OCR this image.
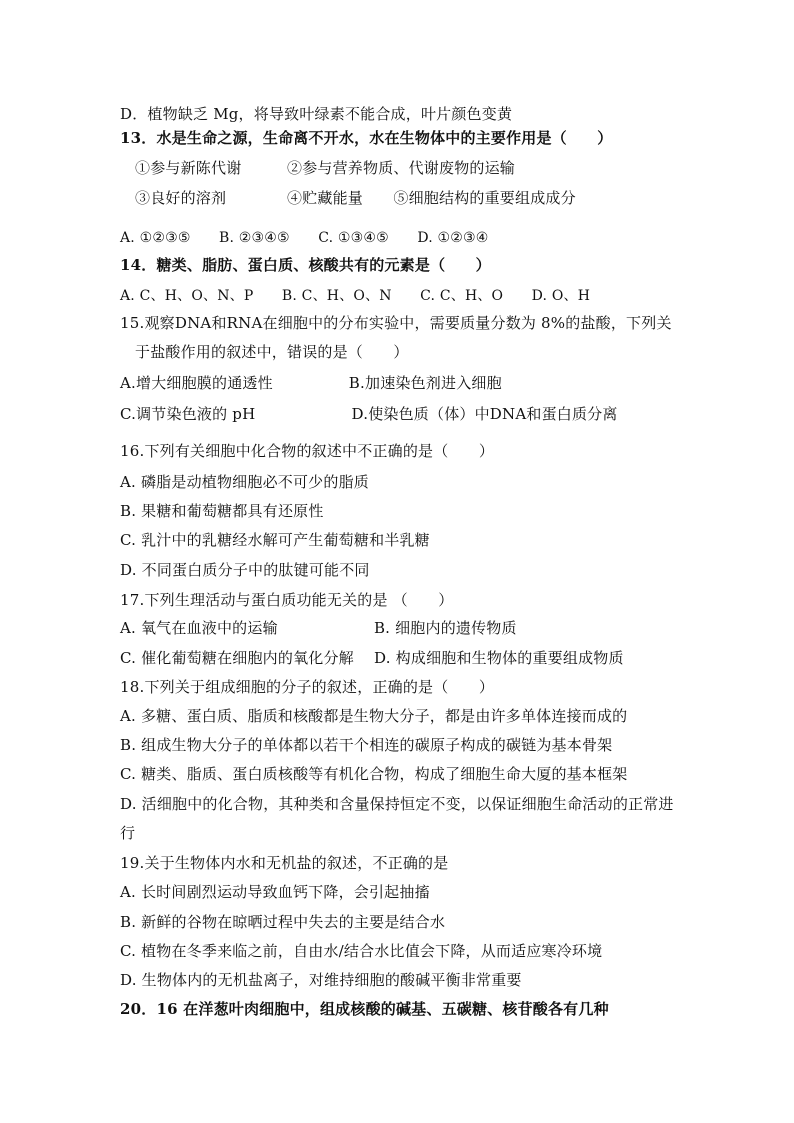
D．植物缺乏 Mg，将导致叶绿素不能合成，叶片颜色变黄
13．水是生命之源，生命离不开水，水在生物体中的主要作用是（　　）
①参与新陈代谢　　　②参与营养物质、代谢废物的运输
③良好的溶剂　　　　④贮藏能量　　⑤细胞结构的重要组成成分
A. ①②③⑤　　B. ②③④⑤　　C. ①③④⑤　　D. ①②③④
14．糖类、脂肪、蛋白质、核酸共有的元素是（　　）
A. C、H、O、N、P　　B. C、H、O、N　　C. C、H、O　　D. O、H
15.观察DNA和RNA在细胞中的分布实验中，需要质量分数为 8%的盐酸，下列关
于盐酸作用的叙述中，错误的是（　　）
A.增大细胞膜的通透性　　　　　B.加速染色剂进入细胞
C.调节染色液的 pH　　　　　　 D.使染色质（体）中DNA和蛋白质分离
16.下列有关细胞中化合物的叙述中不正确的是（　　）
A. 磷脂是动植物细胞必不可少的脂质
B. 果糖和葡萄糖都具有还原性
C. 乳汁中的乳糖经水解可产生葡萄糖和半乳糖
D. 不同蛋白质分子中的肽键可能不同
17.下列生理活动与蛋白质功能无关的是 （　　）
A. 氧气在血液中的运输　　　　　　 B. 细胞内的遗传物质
C. 催化葡萄糖在细胞内的氧化分解　 D. 构成细胞和生物体的重要组成物质
18.下列关于组成细胞的分子的叙述，正确的是（　　）
A. 多糖、蛋白质、脂质和核酸都是生物大分子，都是由许多单体连接而成的
B. 组成生物大分子的单体都以若干个相连的碳原子构成的碳链为基本骨架
C. 糖类、脂质、蛋白质核酸等有机化合物，构成了细胞生命大厦的基本框架
D. 活细胞中的化合物，其种类和含量保持恒定不变，以保证细胞生命活动的正常进
行
19.关于生物体内水和无机盐的叙述，不正确的是
A. 长时间剧烈运动导致血钙下降，会引起抽搐
B. 新鲜的谷物在晾晒过程中失去的主要是结合水
C. 植物在冬季来临之前，自由水/结合水比值会下降，从而适应寒冷环境
D. 生物体内的无机盐离子，对维持细胞的酸碱平衡非常重要
20．16 在洋葱叶肉细胞中，组成核酸的碱基、五碳糖、核苷酸各有几种
